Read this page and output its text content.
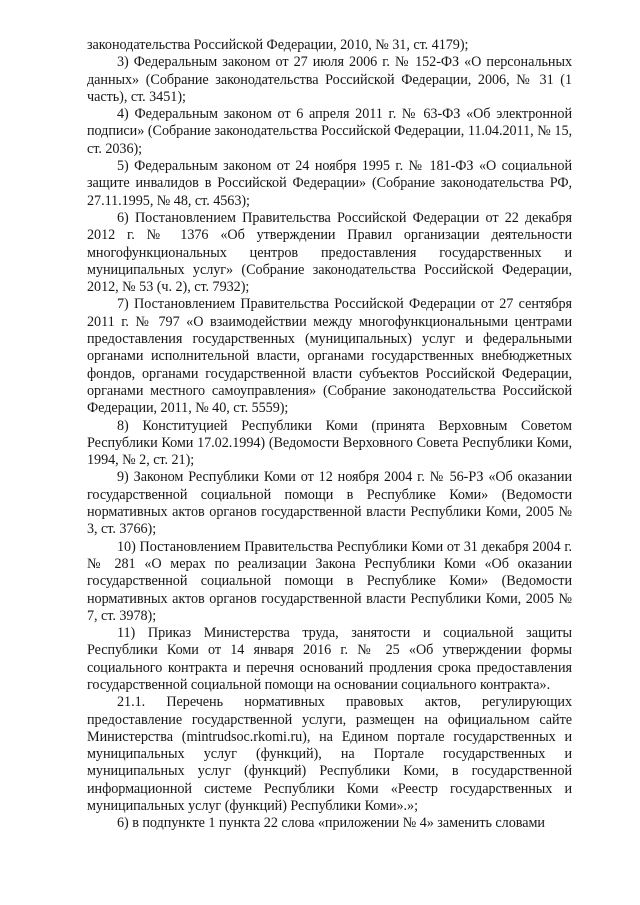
законодательства Российской Федерации, 2010, № 31, ст. 4179);

3) Федеральным законом от 27 июля 2006 г. № 152-ФЗ «О персональных данных» (Собрание законодательства Российской Федерации, 2006, № 31 (1 часть), ст. 3451);

4) Федеральным законом от 6 апреля 2011 г. № 63-ФЗ «Об электронной подписи» (Собрание законодательства Российской Федерации, 11.04.2011, № 15, ст. 2036);

5) Федеральным законом от 24 ноября 1995 г. № 181-ФЗ «О социальной защите инвалидов в Российской Федерации» (Собрание законодательства РФ, 27.11.1995, № 48, ст. 4563);

6) Постановлением Правительства Российской Федерации от 22 декабря 2012 г. № 1376 «Об утверждении Правил организации деятельности многофункциональных центров предоставления государственных и муниципальных услуг» (Собрание законодательства Российской Федерации, 2012, № 53 (ч. 2), ст. 7932);

7) Постановлением Правительства Российской Федерации от 27 сентября 2011 г. № 797 «О взаимодействии между многофункциональными центрами предоставления государственных (муниципальных) услуг и федеральными органами исполнительной власти, органами государственных внебюджетных фондов, органами государственной власти субъектов Российской Федерации, органами местного самоуправления» (Собрание законодательства Российской Федерации, 2011, № 40, ст. 5559);

8) Конституцией Республики Коми (принята Верховным Советом Республики Коми 17.02.1994) (Ведомости Верховного Совета Республики Коми, 1994, № 2, ст. 21);

9) Законом Республики Коми от 12 ноября 2004 г. № 56-РЗ «Об оказании государственной социальной помощи в Республике Коми» (Ведомости нормативных актов органов государственной власти Республики Коми, 2005 № 3, ст. 3766);

10) Постановлением Правительства Республики Коми от 31 декабря 2004 г. № 281 «О мерах по реализации Закона Республики Коми «Об оказании государственной социальной помощи в Республике Коми» (Ведомости нормативных актов органов государственной власти Республики Коми, 2005 № 7, ст. 3978);

11) Приказ Министерства труда, занятости и социальной защиты Республики Коми от 14 января 2016 г. № 25 «Об утверждении формы социального контракта и перечня оснований продления срока предоставления государственной социальной помощи на основании социального контракта».

21.1. Перечень нормативных правовых актов, регулирующих предоставление государственной услуги, размещен на официальном сайте Министерства (mintrudsoc.rkomi.ru), на Едином портале государственных и муниципальных услуг (функций), на Портале государственных и муниципальных услуг (функций) Республики Коми, в государственной информационной системе Республики Коми «Реестр государственных и муниципальных услуг (функций) Республики Коми».»;

6) в подпункте 1 пункта 22 слова «приложении № 4» заменить словами
